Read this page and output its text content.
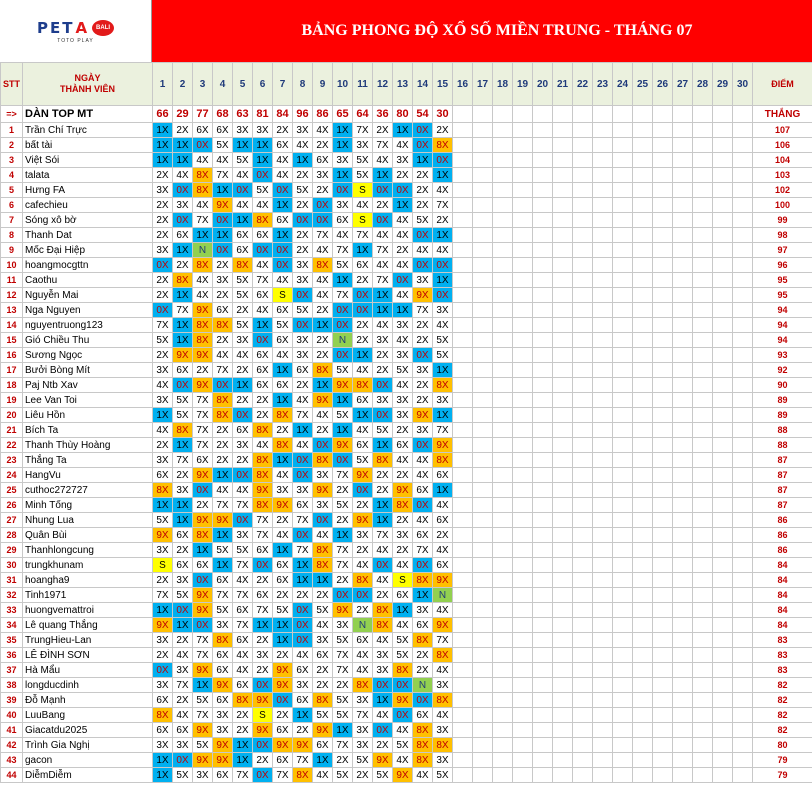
PET A	BALI
TOTO PLAY
BẢNG PHONG ĐỘ XỔ SỐ MIỀN TRUNG - THÁNG 07
STT	NGÀY
THÀNH VIÊN	1	2	3	4	5	6	7	8	9	10	11	12	13	14	15	16	17	18	19	20	21	22	23	24	25	26	27	28	29	30	ĐIỂM
=>	DÀN TOP MT	66	29	77	68	63	81	84	96	86	65	64	36	80	54	30																THẮNG
1	Trần Chí Trực	1X	2X	6X	6X	3X	3X	2X	3X	4X	1X	7X	2X	1X	0X	2X																107
2	bất tài	1X	1X	0X	5X	1X	1X	6X	4X	2X	1X	3X	7X	4X	0X	8X																106
3	Việt Sói	1X	1X	4X	4X	5X	1X	4X	1X	6X	3X	5X	4X	3X	1X	0X																104
4	talata	2X	4X	8X	7X	4X	0X	4X	2X	3X	1X	5X	1X	2X	2X	1X																103
5	Hưng FA	3X	0X	8X	1X	0X	5X	0X	5X	2X	0X	S	0X	0X	2X	4X																102
6	cafechieu	2X	3X	4X	9X	4X	4X	1X	2X	0X	3X	4X	2X	1X	2X	7X																100
7	Sóng xô bờ	2X	0X	7X	0X	1X	8X	6X	0X	0X	6X	S	0X	4X	5X	2X																99
8	Thanh Dat	2X	6X	1X	1X	6X	6X	1X	2X	7X	4X	7X	4X	4X	0X	1X																98
9	Mốc Đại Hiệp	3X	1X	N	0X	6X	0X	0X	2X	4X	7X	1X	7X	2X	4X	4X																97
10	hoangmocgttn	0X	2X	8X	2X	8X	4X	0X	3X	8X	5X	6X	4X	4X	0X	0X																96
11	Caothu	2X	8X	4X	3X	5X	7X	4X	3X	4X	1X	2X	7X	0X	3X	1X																95
12	Nguyễn Mai	2X	1X	4X	2X	5X	6X	S	0X	4X	7X	0X	1X	4X	9X	0X																95
13	Nga Nguyen	0X	7X	9X	6X	2X	4X	6X	5X	2X	0X	0X	1X	1X	7X	3X																94
14	nguyentruong123	7X	1X	8X	8X	5X	1X	5X	0X	1X	0X	2X	4X	3X	2X	4X																94
15	Gió Chiều Thu	5X	1X	8X	2X	3X	0X	6X	3X	2X	N	2X	3X	4X	2X	5X																94
16	Sương Ngọc	2X	9X	9X	4X	4X	6X	4X	3X	2X	0X	1X	2X	3X	0X	5X																93
17	Bưởi Bòng Mít	3X	6X	2X	7X	2X	6X	1X	6X	8X	5X	4X	2X	5X	3X	1X																92
18	Paj Ntb Xav	4X	0X	9X	0X	1X	6X	6X	2X	1X	9X	8X	0X	4X	2X	8X																90
19	Lee Van Toi	3X	5X	7X	8X	2X	2X	1X	4X	9X	1X	6X	3X	3X	2X	3X																89
20	Liêu Hồn	1X	5X	7X	8X	0X	2X	8X	7X	4X	5X	1X	0X	3X	9X	1X																89
21	Bích Ta	4X	8X	7X	2X	6X	8X	2X	1X	2X	1X	4X	5X	2X	3X	7X																88
22	Thanh Thùy Hoàng	2X	1X	7X	2X	3X	4X	8X	4X	0X	9X	6X	1X	6X	0X	9X																88
23	Thắng Ta	3X	7X	6X	2X	2X	8X	1X	0X	8X	0X	5X	8X	4X	4X	8X																87
24	HangVu	6X	2X	9X	1X	0X	8X	4X	0X	3X	7X	9X	2X	2X	4X	6X																87
25	cuthoc272727	8X	3X	0X	4X	4X	9X	3X	3X	9X	2X	0X	2X	9X	6X	1X																87
26	Minh Tống	1X	1X	2X	7X	7X	8X	9X	6X	3X	5X	2X	1X	8X	0X	4X																87
27	Nhung Lua	5X	1X	9X	9X	0X	7X	2X	7X	0X	2X	9X	1X	2X	4X	6X																86
28	Quân Bùi	9X	6X	8X	1X	3X	7X	4X	0X	4X	1X	3X	7X	3X	6X	2X																86
29	Thanhlongcung	3X	2X	1X	5X	5X	6X	1X	7X	8X	7X	2X	4X	2X	7X	4X																86
30	trungkhunam	S	6X	6X	1X	7X	0X	6X	1X	8X	7X	4X	0X	4X	0X	6X																84
31	hoangha9	2X	3X	0X	6X	4X	2X	6X	1X	1X	2X	8X	4X	S	8X	9X																84
32	Tinh1971	7X	5X	9X	7X	7X	6X	2X	2X	2X	0X	0X	2X	6X	1X	N																84
33	huongvemattroi	1X	0X	9X	5X	6X	7X	5X	0X	5X	9X	2X	8X	1X	3X	4X																84
34	Lê quang Thắng	9X	1X	0X	3X	7X	1X	1X	0X	4X	3X	N	8X	4X	6X	9X																84
35	TrungHieu-Lan	3X	2X	7X	8X	6X	2X	1X	0X	3X	5X	6X	4X	5X	8X	7X																83
36	LÊ ĐÌNH SƠN	2X	4X	7X	6X	4X	3X	2X	4X	6X	7X	4X	3X	5X	2X	8X																83
37	Hà Mẩu	0X	3X	9X	6X	4X	2X	9X	6X	2X	7X	4X	3X	8X	2X	4X																83
38	longducdinh	3X	7X	1X	9X	6X	0X	9X	3X	2X	2X	8X	0X	0X	N	3X																82
39	Đỗ Mạnh	6X	2X	5X	6X	8X	9X	0X	6X	8X	5X	3X	1X	9X	0X	8X																82
40	LuuBang	8X	4X	7X	3X	2X	S	2X	1X	5X	5X	7X	4X	0X	6X	4X																82
41	Giacatdu2025	6X	6X	9X	3X	2X	9X	6X	2X	9X	1X	3X	0X	4X	8X	3X																82
42	Trình Gia Nghị	3X	3X	5X	9X	1X	0X	9X	9X	6X	7X	3X	2X	5X	8X	8X																80
43	gacon	1X	0X	9X	9X	1X	2X	6X	7X	1X	2X	5X	9X	4X	8X	3X																79
44	DiễmDiễm	1X	5X	3X	6X	7X	0X	7X	8X	4X	5X	2X	5X	9X	4X	5X																79
